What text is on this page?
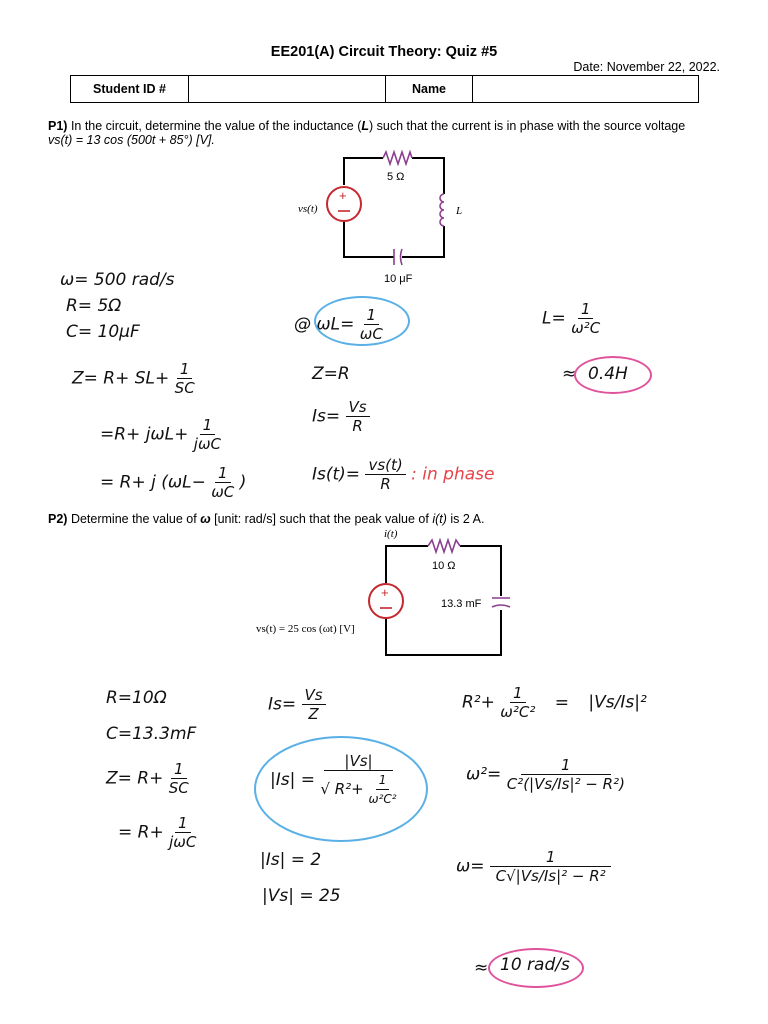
EE201(A) Circuit Theory: Quiz #5
Date: November 22, 2022.
Student ID #		Name	
P1) In the circuit, determine the value of the inductance (L) such that the current is in phase with the source voltage
vs(t) = 13 cos (500t + 85°) [V].
+
5 Ω
vs(t)	L
10 μF
ω= 500 rad/s
R= 5Ω
C= 10μF
$Z= R+ SL+ \frac{1}{SC}$
$=R+ j\omega L+ \frac{1}{\text{jωC}}$
= R+ j ($\omega L- \frac{1}{\omega C}$ )
@ $\omega L= \frac{1}{\omega C}$
Z=R
$Is= \frac{Vs}{R}$
$Is(t)= \frac{vs(t)}{R}$ : in phase
$L= \frac{1}{\text{ω²C}}$
≈ 0.4H
P2) Determine the value of ω [unit: rad/s] such that the peak value of i(t) is 2 A.
+
i(t)
10 Ω
13.3 mF
vs(t) = 25 cos (ωt) [V]
R=10Ω
C=13.3mF
$Z= R+ \frac{1}{SC}$
= $R+ \frac{1}{\text{jωC}}$
$Is= \frac{Vs}{Z}$
$|Is| = \frac{|Vs|}{√ R^2+ \frac{1}{\text{ω²C²}}}$
|Is| = 2
|Vs| = 25
$R^2+ \frac{1}{\text{ω²C²}} = |Vs/Is|^2$
$\omega^2= \frac{1}{\text{C²(|Vs/Is|² − R²)}}$
$\omega= \frac{1}{\text{C√|Vs/Is|² − R²}}$
≈ 10 rad/s
